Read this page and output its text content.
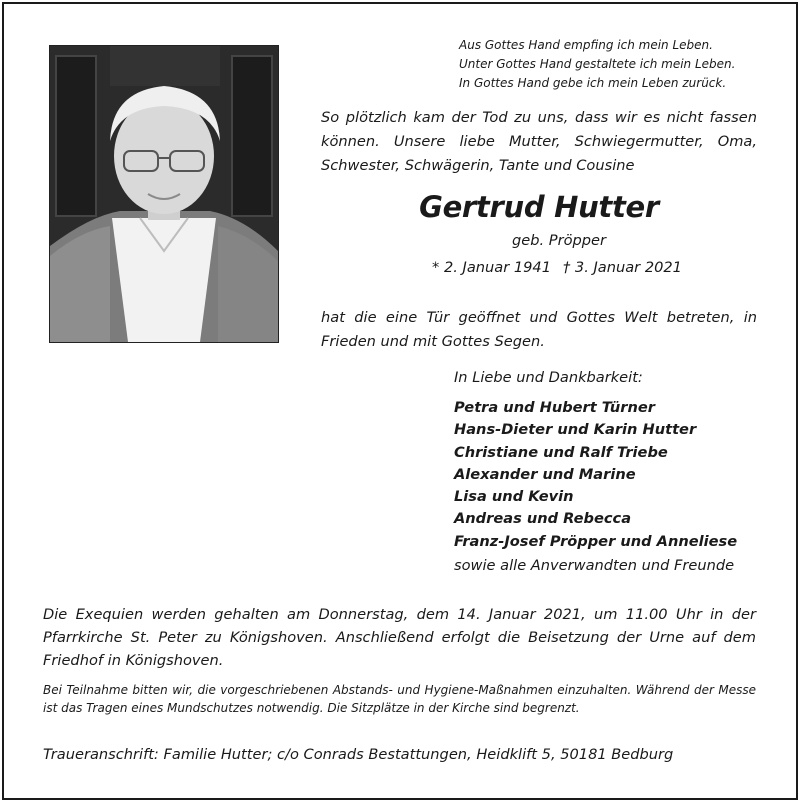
Aus Gottes Hand empfing ich mein Leben.
Unter Gottes Hand gestaltete ich mein Leben.
In Gottes Hand gebe ich mein Leben zurück.
So plötzlich kam der Tod zu uns, dass wir es nicht fassen können. Unsere liebe Mutter, Schwiegermutter, Oma, Schwester, Schwägerin, Tante und Cousine
Gertrud Hutter
geb. Pröpper
* 2. Januar 1941 † 3. Januar 2021
hat die eine Tür geöffnet und Gottes Welt betreten, in Frieden und mit Gottes Segen.
In Liebe und Dankbarkeit:
Petra und Hubert Türner
Hans-Dieter und Karin Hutter
Christiane und Ralf Triebe
Alexander und Marine
Lisa und Kevin
Andreas und Rebecca
Franz-Josef Pröpper und Anneliese
sowie alle Anverwandten und Freunde
Die Exequien werden gehalten am Donnerstag, dem 14. Januar 2021, um 11.00 Uhr in der Pfarrkirche St. Peter zu Königshoven. Anschließend erfolgt die Beisetzung der Urne auf dem Friedhof in Königshoven.
Bei Teilnahme bitten wir, die vorgeschriebenen Abstands- und Hygiene-Maßnahmen einzuhalten. Während der Messe ist das Tragen eines Mundschutzes notwendig. Die Sitzplätze in der Kirche sind begrenzt.
Traueranschrift: Familie Hutter; c/o Conrads Bestattungen, Heidklift 5, 50181 Bedburg
